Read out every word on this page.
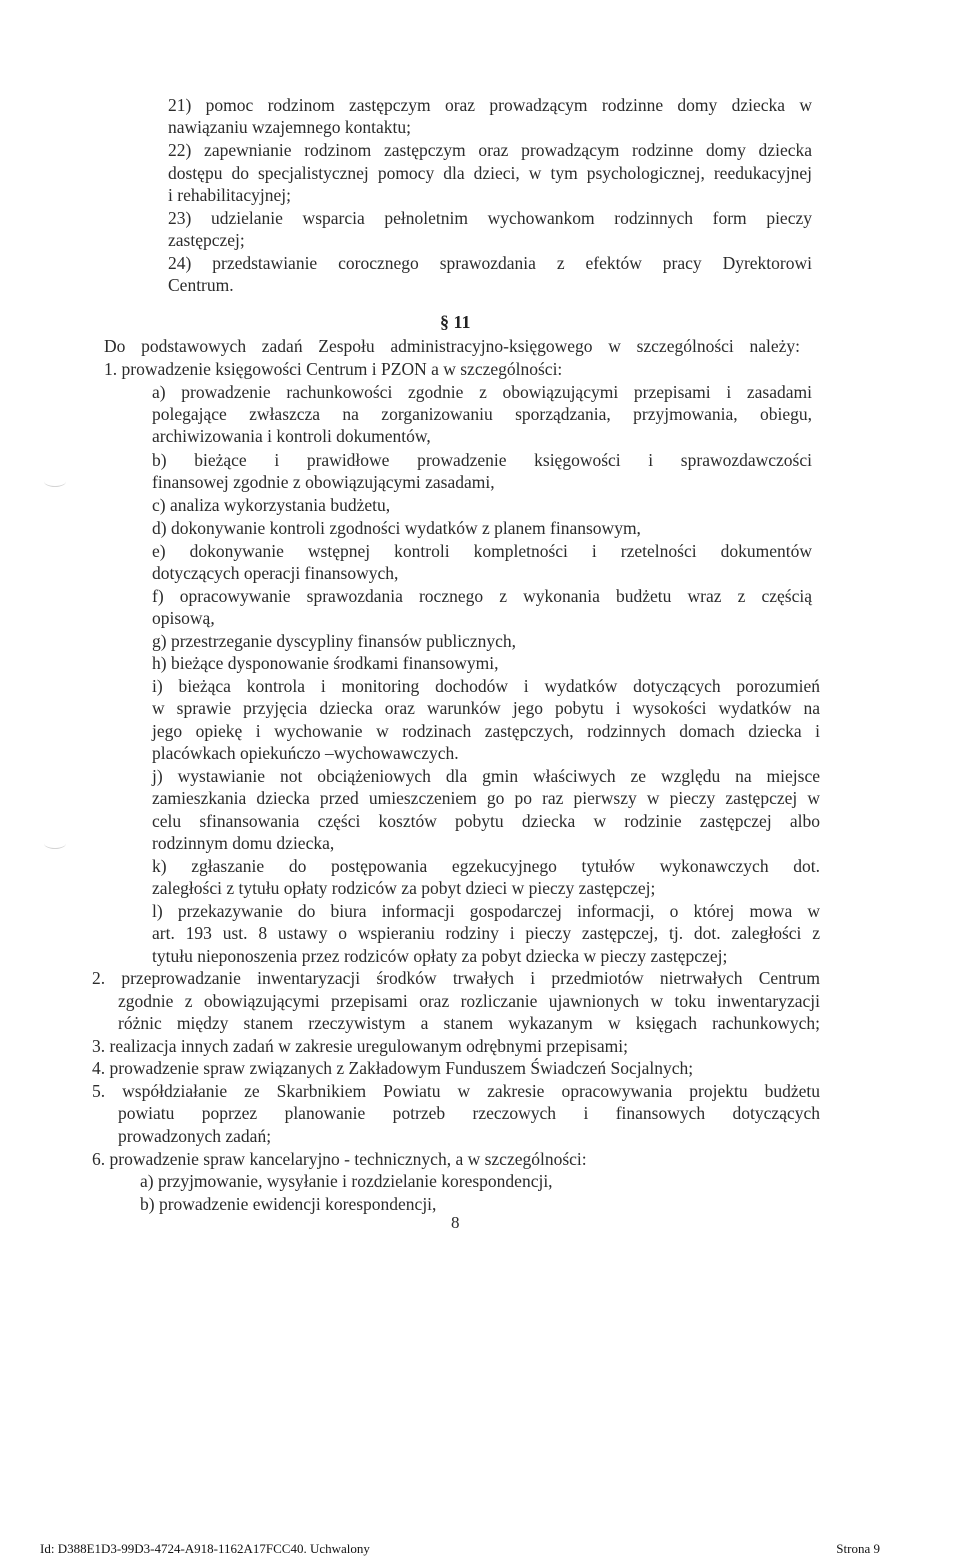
21) pomoc rodzinom zastępczym oraz prowadzącym rodzinne domy dziecka w
nawiązaniu wzajemnego kontaktu;
22) zapewnianie rodzinom zastępczym oraz prowadzącym rodzinne domy dziecka
dostępu do specjalistycznej pomocy dla dzieci, w tym psychologicznej, reedukacyjnej
i rehabilitacyjnej;
23) udzielanie wsparcia pełnoletnim wychowankom rodzinnych form pieczy
zastępczej;
24) przedstawianie corocznego sprawozdania z efektów pracy Dyrektorowi
Centrum.
§ 11
Do podstawowych zadań Zespołu administracyjno-księgowego w szczególności należy:
1. prowadzenie księgowości Centrum i PZON a w szczególności:
a) prowadzenie rachunkowości zgodnie z obowiązującymi przepisami i zasadami
polegające zwłaszcza na zorganizowaniu sporządzania, przyjmowania, obiegu,
archiwizowania i kontroli dokumentów,
b) bieżące i prawidłowe prowadzenie księgowości i sprawozdawczości
finansowej zgodnie z obowiązującymi zasadami,
c) analiza wykorzystania budżetu,
d) dokonywanie kontroli zgodności wydatków z planem finansowym,
e) dokonywanie wstępnej kontroli kompletności i rzetelności dokumentów
dotyczących operacji finansowych,
f) opracowywanie sprawozdania rocznego z wykonania budżetu wraz z częścią
opisową,
g) przestrzeganie dyscypliny finansów publicznych,
h) bieżące dysponowanie środkami finansowymi,
i) bieżąca kontrola i monitoring dochodów i wydatków dotyczących porozumień
w sprawie przyjęcia dziecka oraz warunków jego pobytu i wysokości wydatków na
jego opiekę i wychowanie w rodzinach zastępczych, rodzinnych domach dziecka i
placówkach opiekuńczo –wychowawczych.
j) wystawianie not obciążeniowych dla gmin właściwych ze względu na miejsce
zamieszkania dziecka przed umieszczeniem go po raz pierwszy w pieczy zastępczej w
celu sfinansowania części kosztów pobytu dziecka w rodzinie zastępczej albo
rodzinnym domu dziecka,
k) zgłaszanie do postępowania egzekucyjnego tytułów wykonawczych dot.
zaległości z tytułu opłaty rodziców za pobyt dzieci w pieczy zastępczej;
l) przekazywanie do biura informacji gospodarczej informacji, o której mowa w
art. 193 ust. 8 ustawy o wspieraniu rodziny i pieczy zastępczej, tj. dot. zaległości z
tytułu nieponoszenia przez rodziców opłaty za pobyt dziecka w pieczy zastępczej;
2. przeprowadzanie inwentaryzacji środków trwałych i przedmiotów nietrwałych Centrum
zgodnie z obowiązującymi przepisami oraz rozliczanie ujawnionych w toku inwentaryzacji
różnic między stanem rzeczywistym a stanem wykazanym w księgach rachunkowych;
3. realizacja innych zadań w zakresie uregulowanym odrębnymi przepisami;
4. prowadzenie spraw związanych z Zakładowym Funduszem Świadczeń Socjalnych;
5. współdziałanie ze Skarbnikiem Powiatu w zakresie opracowywania projektu budżetu
powiatu poprzez planowanie potrzeb rzeczowych i finansowych dotyczących
prowadzonych zadań;
6. prowadzenie spraw kancelaryjno - technicznych, a w szczególności:
a) przyjmowanie, wysyłanie i rozdzielanie korespondencji,
b) prowadzenie ewidencji korespondencji,
8
Id: D388E1D3-99D3-4724-A918-1162A17FCC40. Uchwalony	Strona 9
